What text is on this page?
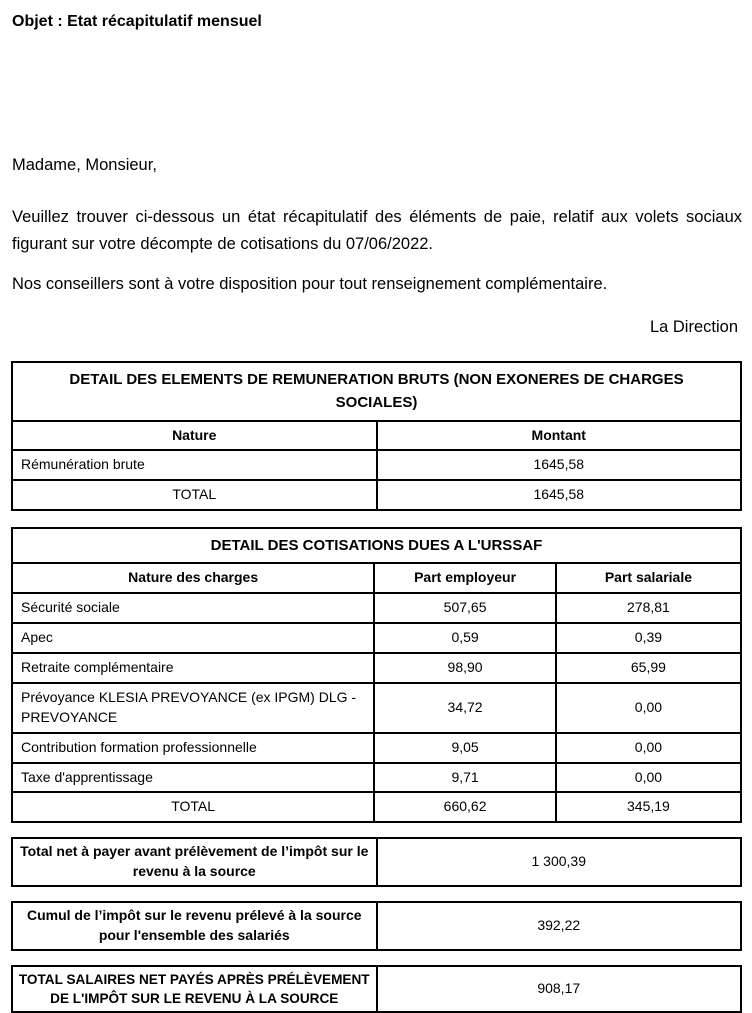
Objet : Etat récapitulatif mensuel
Madame, Monsieur,
Veuillez trouver ci-dessous un état récapitulatif des éléments de paie, relatif aux volets sociaux figurant sur votre décompte de cotisations du 07/06/2022.
Nos conseillers sont à votre disposition pour tout renseignement complémentaire.
La Direction
DETAIL DES ELEMENTS DE REMUNERATION BRUTS (NON EXONERES DE CHARGES SOCIALES)	
Nature	Montant
Rémunération brute	1645,58
TOTAL	1645,58
DETAIL DES COTISATIONS DUES A L'URSSAF		
Nature des charges	Part employeur	Part salariale
Sécurité sociale	507,65	278,81
Apec	0,59	0,39
Retraite complémentaire	98,90	65,99
Prévoyance KLESIA PREVOYANCE (ex IPGM) DLG - PREVOYANCE	34,72	0,00
Contribution formation professionnelle	9,05	0,00
Taxe d'apprentissage	9,71	0,00
TOTAL	660,62	345,19
Total net à payer avant prélèvement de l’impôt sur le revenu à la source	1 300,39
Cumul de l’impôt sur le revenu prélevé à la source pour l'ensemble des salariés	392,22
TOTAL SALAIRES NET PAYÉS APRÈS PRÉLÈVEMENT DE L'IMPÔT SUR LE REVENU À LA SOURCE	908,17
